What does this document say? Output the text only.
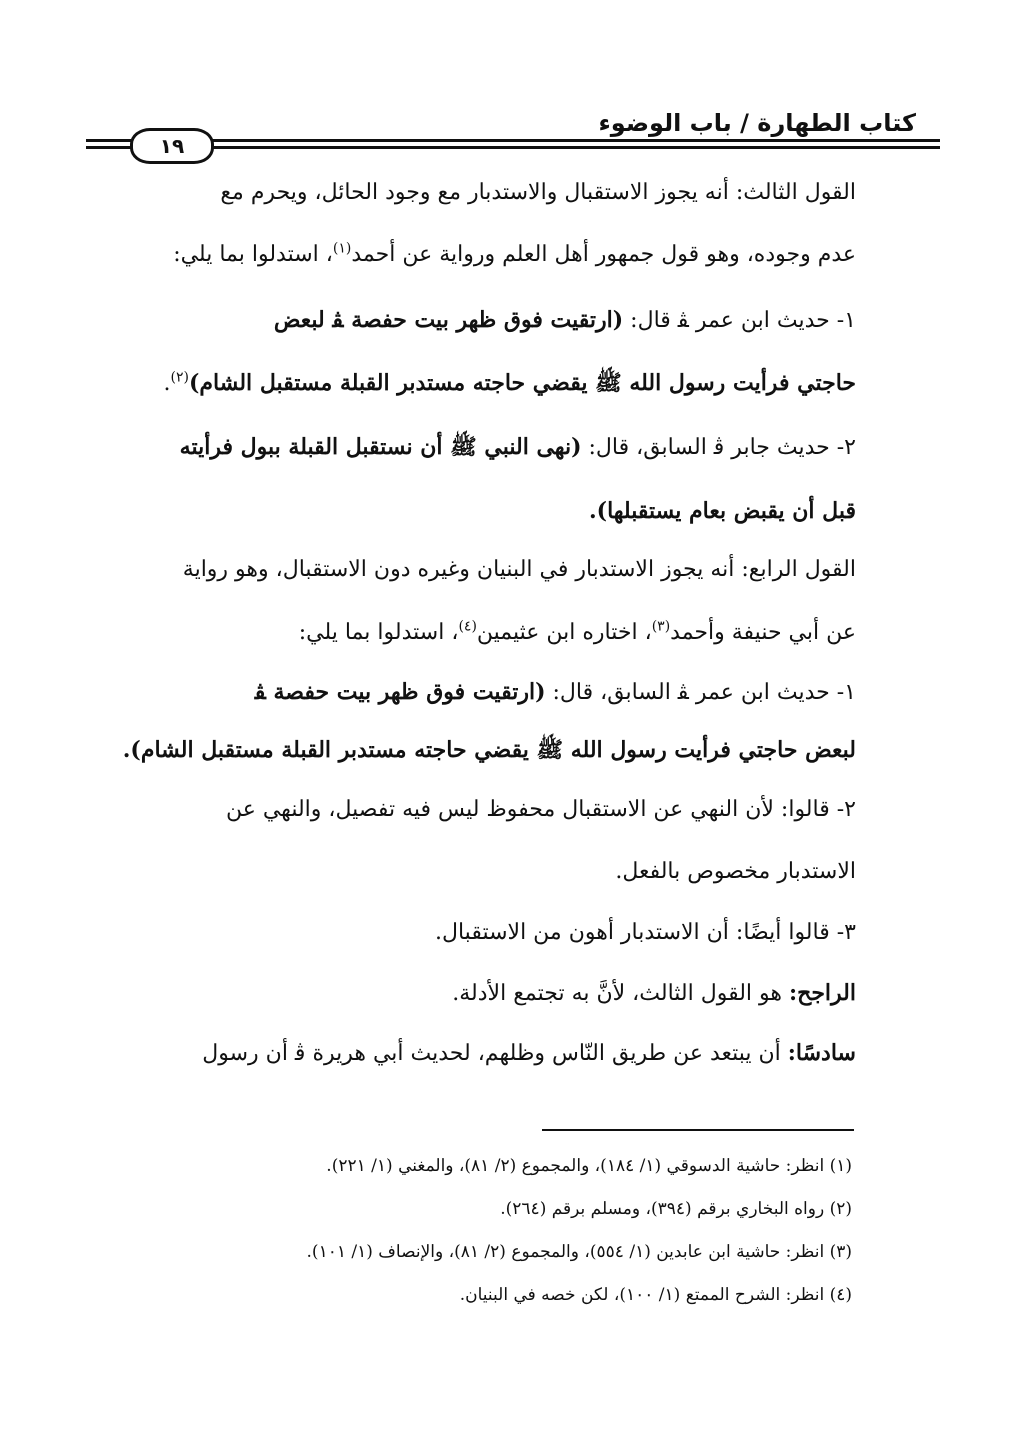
كتاب الطهارة / باب الوضوء
١٩
القول الثالث: أنه يجوز الاستقبال والاستدبار مع وجود الحائل، ويحرم مع
عدم وجوده، وهو قول جمهور أهل العلم ورواية عن أحمد$^{(١)}$، استدلوا بما يلي:
١- حديث ابن عمر ﭭ قال: (ارتقيت فوق ظهر بيت حفصة ﭭ لبعض
حاجتي فرأيت رسول الله ﷺ يقضي حاجته مستدبر القبلة مستقبل الشام)$^{(٢)}$.
٢- حديث جابر ﭬ السابق، قال: (نهى النبي ﷺ أن نستقبل القبلة ببول فرأيته
قبل أن يقبض بعام يستقبلها).
القول الرابع: أنه يجوز الاستدبار في البنيان وغيره دون الاستقبال، وهو رواية
عن أبي حنيفة وأحمد$^{(٣)}$، اختاره ابن عثيمين$^{(٤)}$، استدلوا بما يلي:
١- حديث ابن عمر ﭭ السابق، قال: (ارتقيت فوق ظهر بيت حفصة ﭭ
لبعض حاجتي فرأيت رسول الله ﷺ يقضي حاجته مستدبر القبلة مستقبل الشام).
٢- قالوا: لأن النهي عن الاستقبال محفوظ ليس فيه تفصيل، والنهي عن
الاستدبار مخصوص بالفعل.
٣- قالوا أيضًا: أن الاستدبار أهون من الاستقبال.
الراجح: هو القول الثالث، لأنَّ به تجتمع الأدلة.
سادسًا: أن يبتعد عن طريق النّاس وظلهم، لحديث أبي هريرة ﭬ أن رسول
(١) انظر: حاشية الدسوقي (١/ ١٨٤)، والمجموع (٢/ ٨١)، والمغني (١/ ٢٢١).
(٢) رواه البخاري برقم (٣٩٤)، ومسلم برقم (٢٦٤).
(٣) انظر: حاشية ابن عابدين (١/ ٥٥٤)، والمجموع (٢/ ٨١)، والإنصاف (١/ ١٠١).
(٤) انظر: الشرح الممتع (١/ ١٠٠)، لكن خصه في البنيان.
